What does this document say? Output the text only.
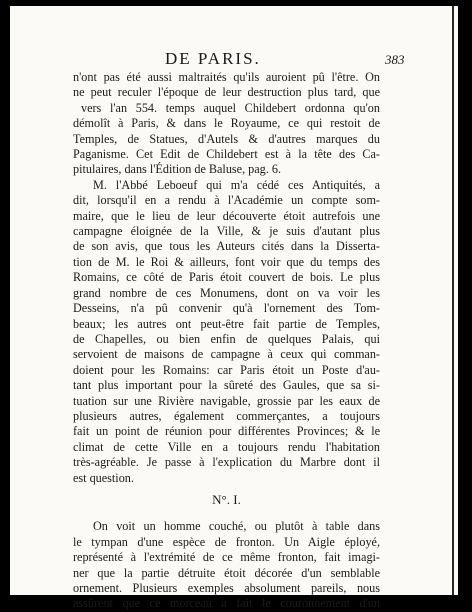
DE PARIS.	383
n'ont pas été aussi maltraités qu'ils auroient pû l'être. On
ne peut reculer l'époque de leur destruction plus tard, que
vers l'an 554. temps auquel Childebert ordonna qu'on
démolît à Paris, & dans le Royaume, ce qui restoit de
Temples, de Statues, d'Autels & d'autres marques du
Paganisme. Cet Edit de Childebert est à la tête des Ca-
pitulaires, dans l'Édition de Baluse, pag. 6.
M. l'Abbé Leboeuf qui m'a cédé ces Antiquités, a
dit, lorsqu'il en a rendu à l'Académie un compte som-
maire, que le lieu de leur découverte étoit autrefois une
campagne éloignée de la Ville, & je suis d'autant plus
de son avis, que tous les Auteurs cités dans la Disserta-
tion de M. le Roi & ailleurs, font voir que du temps des
Romains, ce côté de Paris étoit couvert de bois. Le plus
grand nombre de ces Monumens, dont on va voir les
Desseins, n'a pû convenir qu'à l'ornement des Tom-
beaux; les autres ont peut-être fait partie de Temples,
de Chapelles, ou bien enfin de quelques Palais, qui
servoient de maisons de campagne à ceux qui comman-
doient pour les Romains: car Paris étoit un Poste d'au-
tant plus important pour la sûreté des Gaules, que sa si-
tuation sur une Rivière navigable, grossie par les eaux de
plusieurs autres, également commerçantes, a toujours
fait un point de réunion pour différentes Provinces; & le
climat de cette Ville en a toujours rendu l'habitation
très-agréable. Je passe à l'explication du Marbre dont il
est question.
N°. I.
On voit un homme couché, ou plutôt à table dans
le tympan d'une espèce de fronton. Un Aigle éployé,
représenté à l'extrémité de ce même fronton, fait imagi-
ner que la partie détruite étoit décorée d'un semblable
ornement. Plusieurs exemples absolument pareils, nous
assûrent que ce morceau a fait le couronnement d'un
